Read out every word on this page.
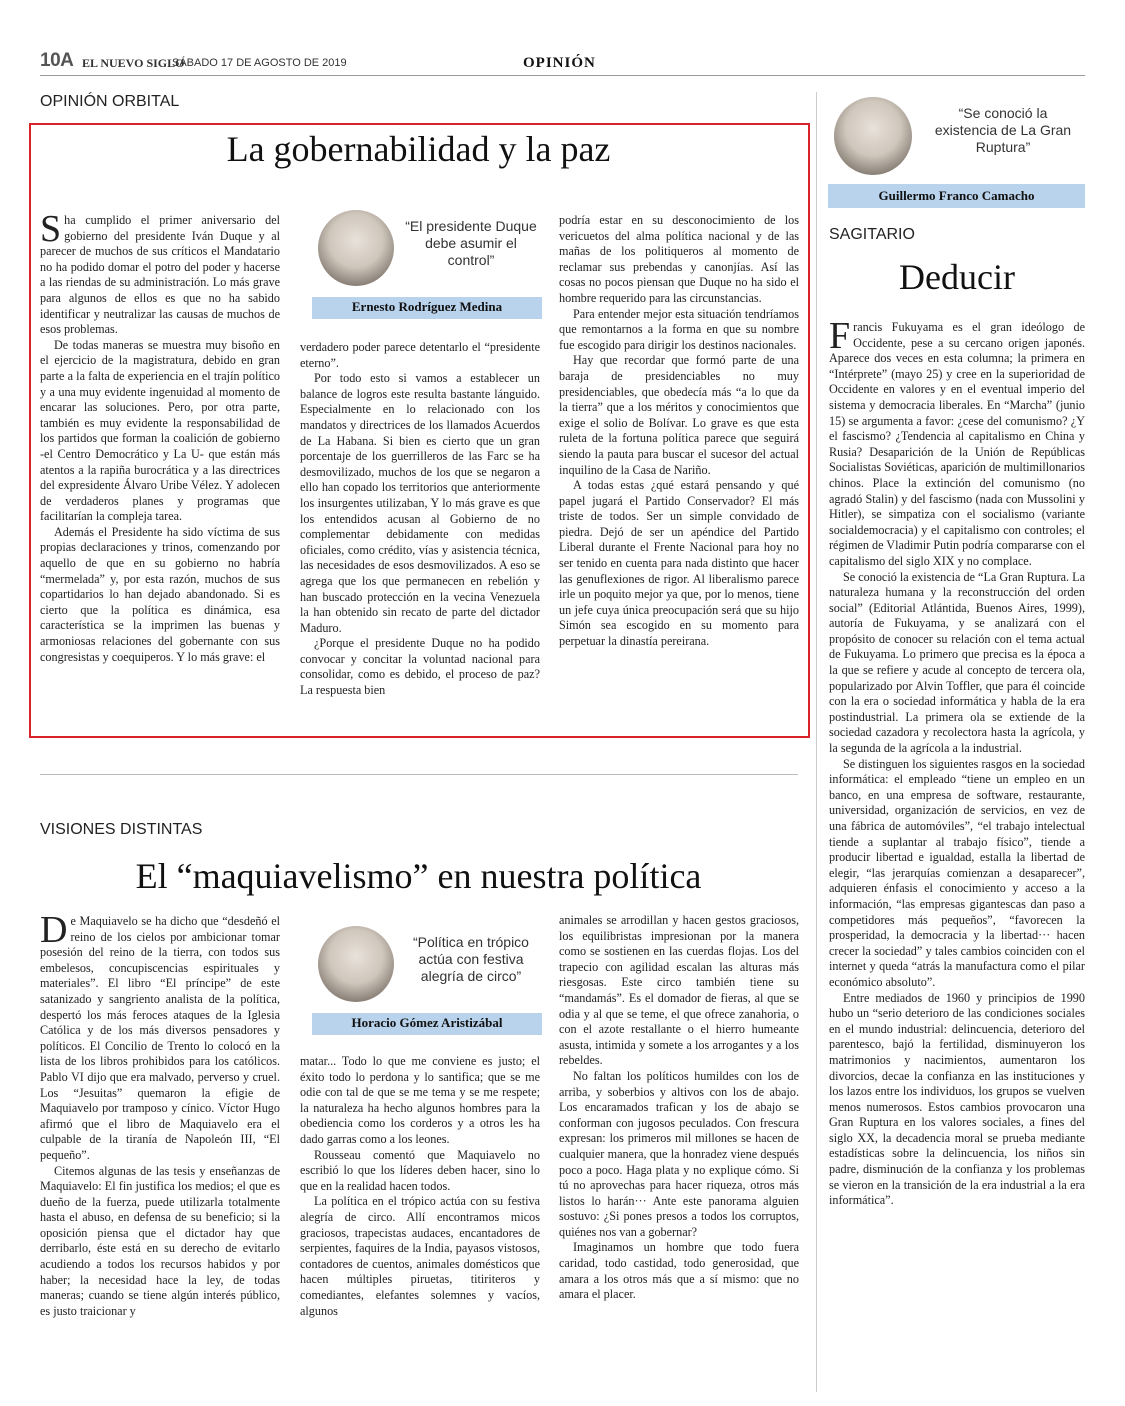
10A EL NUEVO SIGLO
SÁBADO 17 DE AGOSTO DE 2019	OPINIÓN
OPINIÓN ORBITAL
La gobernabilidad y la paz

Sha cumplido el primer aniversario del gobierno del presidente Iván Duque y al parecer de muchos de sus críticos el Mandatario no ha podido domar el potro del poder y hacerse a las riendas de su administración. Lo más grave para algunos de ellos es que no ha sabido identificar y neutralizar las causas de muchos de esos problemas.

De todas maneras se muestra muy bisoño en el ejercicio de la magistratura, debido en gran parte a la falta de experiencia en el trajín político y a una muy evidente ingenuidad al momento de encarar las soluciones. Pero, por otra parte, también es muy evidente la responsabilidad de los partidos que forman la coalición de gobierno -el Centro Democrático y La U- que están más atentos a la rapiña burocrática y a las directrices del expresidente Álvaro Uribe Vélez. Y adolecen de verdaderos planes y programas que facilitarían la compleja tarea.

Además el Presidente ha sido víctima de sus propias declaraciones y trinos, comenzando por aquello de que en su gobierno no habría “mermelada” y, por esta razón, muchos de sus copartidarios lo han dejado abandonado. Si es cierto que la política es dinámica, esa característica se la imprimen las buenas y armoniosas relaciones del gobernante con sus congresistas y coequiperos. Y lo más grave: el

“El presidente Duque debe asumir el control”
Ernesto Rodríguez Medina

verdadero poder parece detentarlo el “presidente eterno”.

Por todo esto si vamos a establecer un balance de logros este resulta bastante lánguido. Especialmente en lo relacionado con los mandatos y directrices de los llamados Acuerdos de La Habana. Si bien es cierto que un gran porcentaje de los guerrilleros de las Farc se ha desmovilizado, muchos de los que se negaron a ello han copado los territorios que anteriormente los insurgentes utilizaban, Y lo más grave es que los entendidos acusan al Gobierno de no complementar debidamente con medidas oficiales, como crédito, vías y asistencia técnica, las necesidades de esos desmovilizados. A eso se agrega que los que permanecen en rebelión y han buscado protección en la vecina Venezuela la han obtenido sin recato de parte del dictador Maduro.

¿Porque el presidente Duque no ha podido convocar y concitar la voluntad nacional para consolidar, como es debido, el proceso de paz? La respuesta bien

podría estar en su desconocimiento de los vericuetos del alma política nacional y de las mañas de los politiqueros al momento de reclamar sus prebendas y canonjías. Así las cosas no pocos piensan que Duque no ha sido el hombre requerido para las circunstancias.

Para entender mejor esta situación tendríamos que remontarnos a la forma en que su nombre fue escogido para dirigir los destinos nacionales.

Hay que recordar que formó parte de una baraja de presidenciables no muy presidenciables, que obedecía más “a lo que da la tierra” que a los méritos y conocimientos que exige el solio de Bolívar. Lo grave es que esta ruleta de la fortuna política parece que seguirá siendo la pauta para buscar el sucesor del actual inquilino de la Casa de Nariño.

A todas estas ¿qué estará pensando y qué papel jugará el Partido Conservador? El más triste de todos. Ser un simple convidado de piedra. Dejó de ser un apéndice del Partido Liberal durante el Frente Nacional para hoy no ser tenido en cuenta para nada distinto que hacer las genuflexiones de rigor. Al liberalismo parece irle un poquito mejor ya que, por lo menos, tiene un jefe cuya única preocupación será que su hijo Simón sea escogido en su momento para perpetuar la dinastía pereirana.

VISIONES DISTINTAS
El “maquiavelismo” en nuestra política

De Maquiavelo se ha dicho que “desdeñó el reino de los cielos por ambicionar tomar posesión del reino de la tierra, con todos sus embelesos, concupiscencias espirituales y materiales”. El libro “El príncipe” de este satanizado y sangriento analista de la política, despertó los más feroces ataques de la Iglesia Católica y de los más diversos pensadores y políticos. El Concilio de Trento lo colocó en la lista de los libros prohibidos para los católicos. Pablo VI dijo que era malvado, perverso y cruel. Los “Jesuitas” quemaron la efigie de Maquiavelo por tramposo y cínico. Víctor Hugo afirmó que el libro de Maquiavelo era el culpable de la tiranía de Napoleón III, “El pequeño”.

Citemos algunas de las tesis y enseñanzas de Maquiavelo: El fin justifica los medios; el que es dueño de la fuerza, puede utilizarla totalmente hasta el abuso, en defensa de su beneficio; si la oposición piensa que el dictador hay que derribarlo, éste está en su derecho de evitarlo acudiendo a todos los recursos habidos y por haber; la necesidad hace la ley, de todas maneras; cuando se tiene algún interés público, es justo traicionar y

“Política en trópico actúa con festiva alegría de circo”
Horacio Gómez Aristizábal

matar... Todo lo que me conviene es justo; el éxito todo lo perdona y lo santifica; que se me odie con tal de que se me tema y se me respete; la naturaleza ha hecho algunos hombres para la obediencia como los corderos y a otros les ha dado garras como a los leones.

Rousseau comentó que Maquiavelo no escribió lo que los líderes deben hacer, sino lo que en la realidad hacen todos.

La política en el trópico actúa con su festiva alegría de circo. Allí encontramos micos graciosos, trapecistas audaces, encantadores de serpientes, faquires de la India, payasos vistosos, contadores de cuentos, animales domésticos que hacen múltiples piruetas, titiriteros y comediantes, elefantes solemnes y vacíos, algunos

animales se arrodillan y hacen gestos graciosos, los equilibristas impresionan por la manera como se sostienen en las cuerdas flojas. Los del trapecio con agilidad escalan las alturas más riesgosas. Este circo también tiene su “mandamás”. Es el domador de fieras, al que se odia y al que se teme, el que ofrece zanahoria, o con el azote restallante o el hierro humeante asusta, intimida y somete a los arrogantes y a los rebeldes.

No faltan los políticos humildes con los de arriba, y soberbios y altivos con los de abajo. Los encaramados trafican y los de abajo se conforman con jugosos peculados. Con frescura expresan: los primeros mil millones se hacen de cualquier manera, que la honradez viene después poco a poco. Haga plata y no explique cómo. Si tú no aprovechas para hacer riqueza, otros más listos lo harán··· Ante este panorama alguien sostuvo: ¿Si pones presos a todos los corruptos, quiénes nos van a gobernar?

Imaginamos un hombre que todo fuera caridad, todo castidad, todo generosidad, que amara a los otros más que a sí mismo: que no amara el placer.

“Se conoció la existencia de La Gran Ruptura”
Guillermo Franco Camacho
SAGITARIO
Deducir

Francis Fukuyama es el gran ideólogo de Occidente, pese a su cercano origen japonés. Aparece dos veces en esta columna; la primera en “Intérprete” (mayo 25) y cree en la superioridad de Occidente en valores y en el eventual imperio del sistema y democracia liberales. En “Marcha” (junio 15) se argumenta a favor: ¿cese del comunismo? ¿Y el fascismo? ¿Tendencia al capitalismo en China y Rusia? Desaparición de la Unión de Repúblicas Socialistas Soviéticas, aparición de multimillonarios chinos. Place la extinción del comunismo (no agradó Stalin) y del fascismo (nada con Mussolini y Hitler), se simpatiza con el socialismo (variante socialdemocracia) y el capitalismo con controles; el régimen de Vladimir Putin podría compararse con el capitalismo del siglo XIX y no complace.

Se conoció la existencia de “La Gran Ruptura. La naturaleza humana y la reconstrucción del orden social” (Editorial Atlántida, Buenos Aires, 1999), autoría de Fukuyama, y se analizará con el propósito de conocer su relación con el tema actual de Fukuyama. Lo primero que precisa es la época a la que se refiere y acude al concepto de tercera ola, popularizado por Alvin Toffler, que para él coincide con la era o sociedad informática y habla de la era postindustrial. La primera ola se extiende de la sociedad cazadora y recolectora hasta la agrícola, y la segunda de la agrícola a la industrial.

Se distinguen los siguientes rasgos en la sociedad informática: el empleado “tiene un empleo en un banco, en una empresa de software, restaurante, universidad, organización de servicios, en vez de una fábrica de automóviles”, “el trabajo intelectual tiende a suplantar al trabajo físico”, tiende a producir libertad e igualdad, estalla la libertad de elegir, “las jerarquías comienzan a desaparecer”, adquieren énfasis el conocimiento y acceso a la información, “las empresas gigantescas dan paso a competidores más pequeños”, “favorecen la prosperidad, la democracia y la libertad··· hacen crecer la sociedad” y tales cambios coinciden con el internet y queda “atrás la manufactura como el pilar económico absoluto”.

Entre mediados de 1960 y principios de 1990 hubo un “serio deterioro de las condiciones sociales en el mundo industrial: delincuencia, deterioro del parentesco, bajó la fertilidad, disminuyeron los matrimonios y nacimientos, aumentaron los divorcios, decae la confianza en las instituciones y los lazos entre los individuos, los grupos se vuelven menos numerosos. Estos cambios provocaron una Gran Ruptura en los valores sociales, a fines del siglo XX, la decadencia moral se prueba mediante estadísticas sobre la delincuencia, los niños sin padre, disminución de la confianza y los problemas se vieron en la transición de la era industrial a la era informática”.
